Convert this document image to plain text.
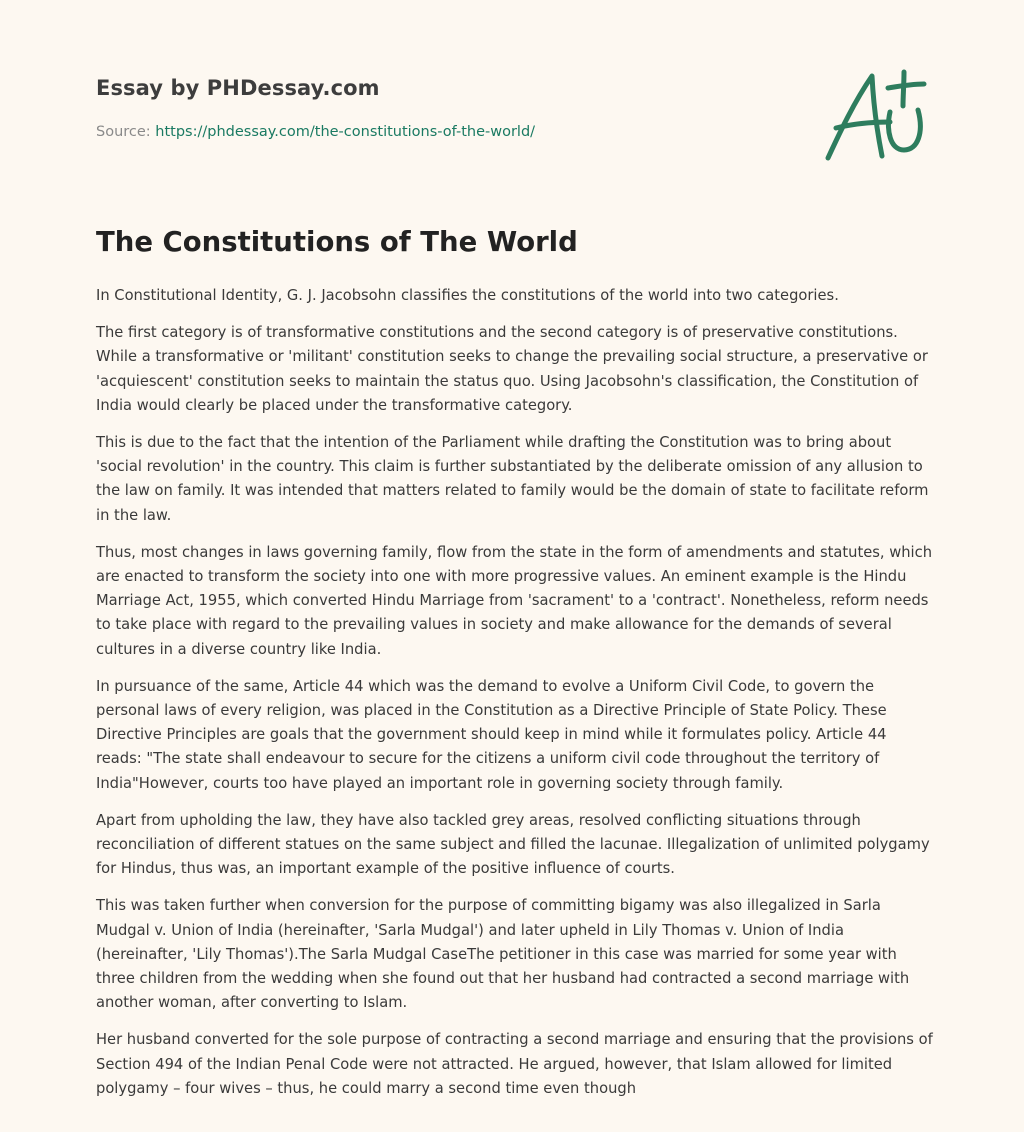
Essay by PHDessay.com
Source: https://phdessay.com/the-constitutions-of-the-world/
The Constitutions of The World

In Constitutional Identity, G. J. Jacobsohn classifies the constitutions of the world into two categories.

The first category is of transformative constitutions and the second category is of preservative constitutions. While a transformative or 'militant' constitution seeks to change the prevailing social structure, a preservative or 'acquiescent' constitution seeks to maintain the status quo. Using Jacobsohn's classification, the Constitution of India would clearly be placed under the transformative category.

This is due to the fact that the intention of the Parliament while drafting the Constitution was to bring about 'social revolution' in the country. This claim is further substantiated by the deliberate omission of any allusion to the law on family. It was intended that matters related to family would be the domain of state to facilitate reform in the law.

Thus, most changes in laws governing family, flow from the state in the form of amendments and statutes, which are enacted to transform the society into one with more progressive values. An eminent example is the Hindu Marriage Act, 1955, which converted Hindu Marriage from 'sacrament' to a 'contract'. Nonetheless, reform needs to take place with regard to the prevailing values in society and make allowance for the demands of several cultures in a diverse country like India.

In pursuance of the same, Article 44 which was the demand to evolve a Uniform Civil Code, to govern the personal laws of every religion, was placed in the Constitution as a Directive Principle of State Policy. These Directive Principles are goals that the government should keep in mind while it formulates policy. Article 44 reads: "The state shall endeavour to secure for the citizens a uniform civil code throughout the territory of India"However, courts too have played an important role in governing society through family.

Apart from upholding the law, they have also tackled grey areas, resolved conflicting situations through reconciliation of different statues on the same subject and filled the lacunae. Illegalization of unlimited polygamy for Hindus, thus was, an important example of the positive influence of courts.

This was taken further when conversion for the purpose of committing bigamy was also illegalized in Sarla Mudgal v. Union of India (hereinafter, 'Sarla Mudgal') and later upheld in Lily Thomas v. Union of India (hereinafter, 'Lily Thomas').The Sarla Mudgal CaseThe petitioner in this case was married for some year with three children from the wedding when she found out that her husband had contracted a second marriage with another woman, after converting to Islam.

Her husband converted for the sole purpose of contracting a second marriage and ensuring that the provisions of Section 494 of the Indian Penal Code were not attracted. He argued, however, that Islam allowed for limited polygamy – four wives – thus, he could marry a second time even though
